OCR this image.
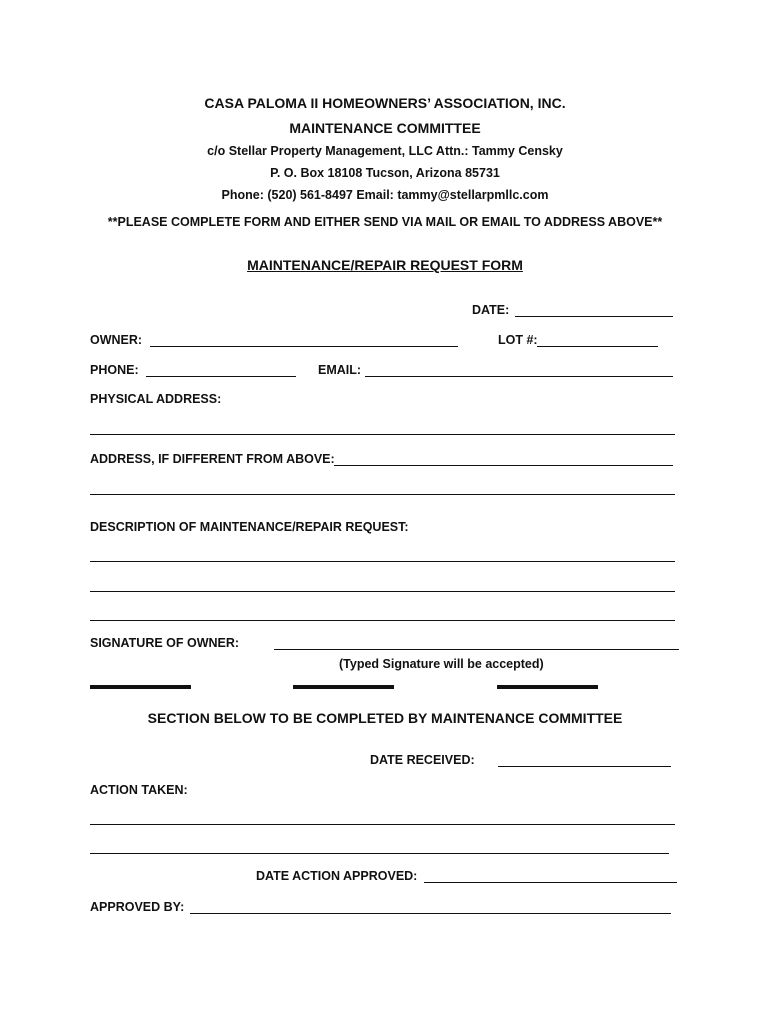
CASA PALOMA II HOMEOWNERS’ ASSOCIATION, INC.
MAINTENANCE COMMITTEE
c/o Stellar Property Management, LLC Attn.: Tammy Censky
P. O. Box 18108 Tucson, Arizona 85731
Phone: (520) 561-8497 Email: tammy@stellarpmllc.com
**PLEASE COMPLETE FORM AND EITHER SEND VIA MAIL OR EMAIL TO ADDRESS ABOVE**
MAINTENANCE/REPAIR REQUEST FORM
DATE:
OWNER:	LOT #:
PHONE:	EMAIL:
PHYSICAL ADDRESS:
ADDRESS, IF DIFFERENT FROM ABOVE:
DESCRIPTION OF MAINTENANCE/REPAIR REQUEST:
SIGNATURE OF OWNER:
(Typed Signature will be accepted)
SECTION BELOW TO BE COMPLETED BY MAINTENANCE COMMITTEE
DATE RECEIVED:
ACTION TAKEN:
DATE ACTION APPROVED:
APPROVED BY:
